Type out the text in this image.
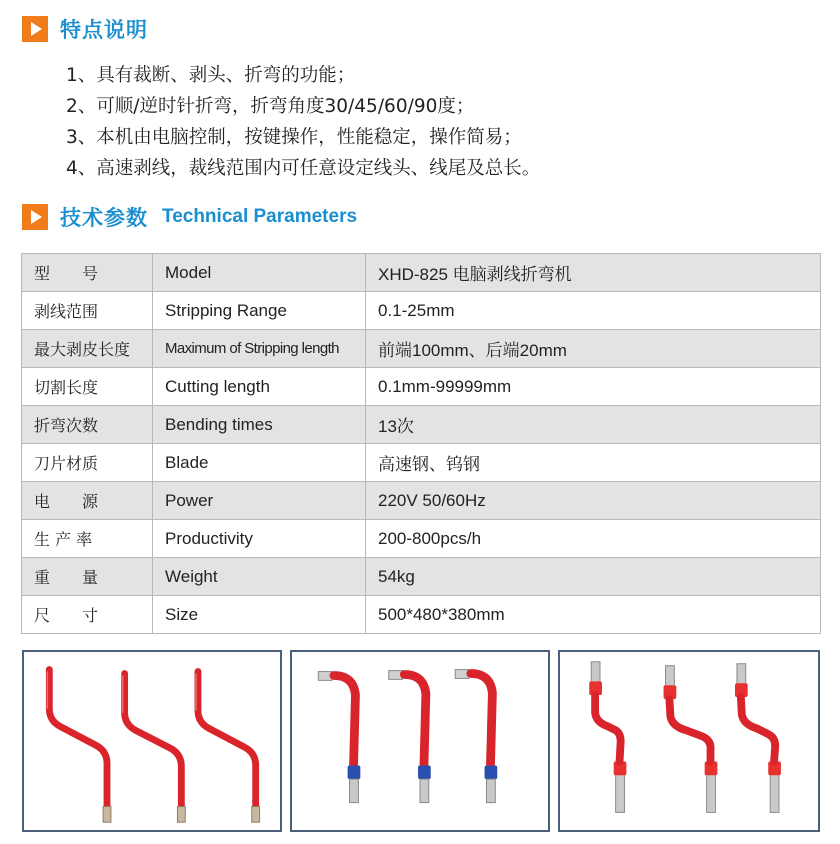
特点说明
1、具有裁断、剥头、折弯的功能；
2、可顺/逆时针折弯，折弯角度30/45/60/90度；
3、本机由电脑控制，按键操作，性能稳定，操作简易；
4、高速剥线，裁线范围内可任意设定线头、线尾及总长。
技术参数 Technical Parameters
型　　号	Model	XHD-825 电脑剥线折弯机
剥线范围	Stripping Range	0.1-25mm
最大剥皮长度	Maximum of Stripping length	前端100mm、后端20mm
切割长度	Cutting length	0.1mm-99999mm
折弯次数	Bending times	13次
刀片材质	Blade	高速钢、钨钢
电　　源	Power	220V 50/60Hz
生 产 率	Productivity	200-800pcs/h
重　　量	Weight	54kg
尺　　寸	Size	500*480*380mm
